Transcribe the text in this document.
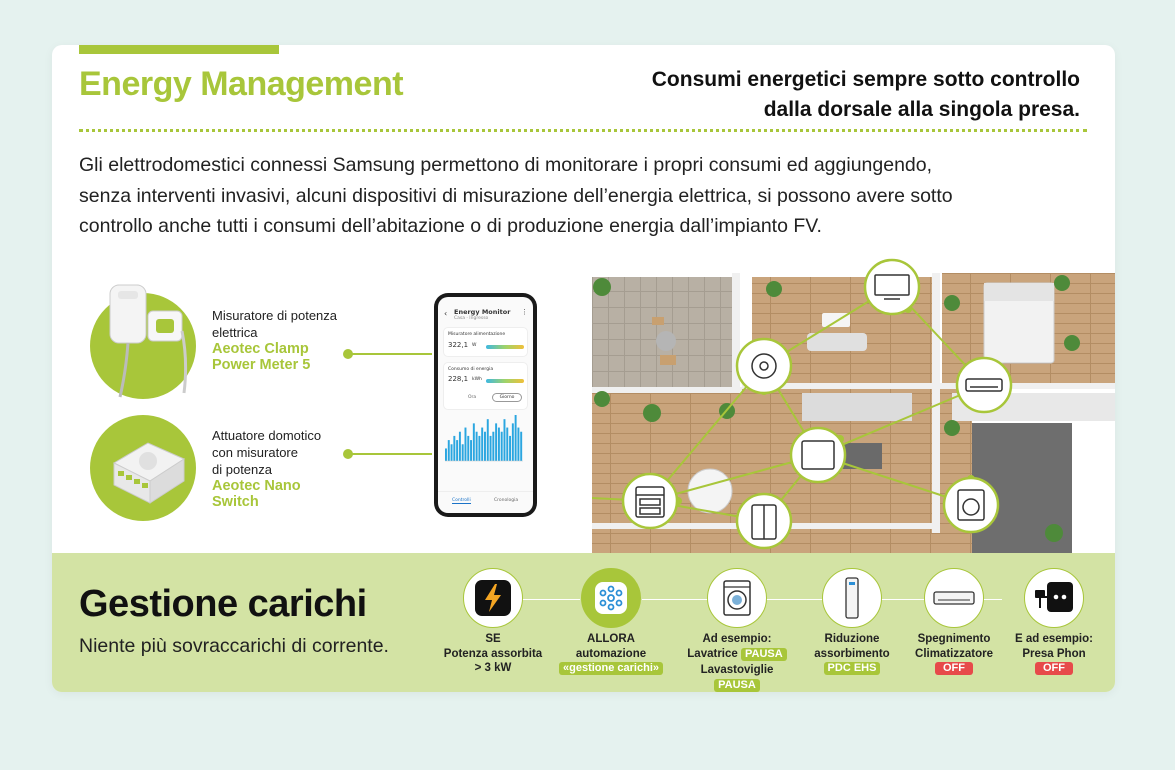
Energy Management	Consumi energetici sempre sotto controllo
dalla dorsale alla singola presa.
Gli elettrodomestici connessi Samsung permettono di monitorare i propri consumi ed aggiungendo,
senza interventi invasivi, alcuni dispositivi di misurazione dell’energia elettrica, si possono avere sotto
controllo anche tutti i consumi dell’abitazione o di produzione energia dall’impianto FV.
Misuratore di potenza
elettrica
Aeotec Clamp
Power Meter 5
Attuatore domotico
con misuratore
di potenza
Aeotec Nano
Switch
‹ Energy Monitor
Casa · Ingresso
⋮
Misuratore alimentazione
322,1 W
Consumo di energia
228,1 kWh
Ora	Giorno
Controlli	Cronologia
Gestione carichi
Niente più sovraccarichi di corrente.	SE
Potenza assorbita
> 3 kW
ALLORA
automazione
«gestione carichi»
Ad esempio:
Lavatrice PAUSA
Lavastoviglie PAUSA
Riduzione
assorbimento
PDC EHS
Spegnimento
Climatizzatore
OFF
E ad esempio:
Presa Phon
OFF
